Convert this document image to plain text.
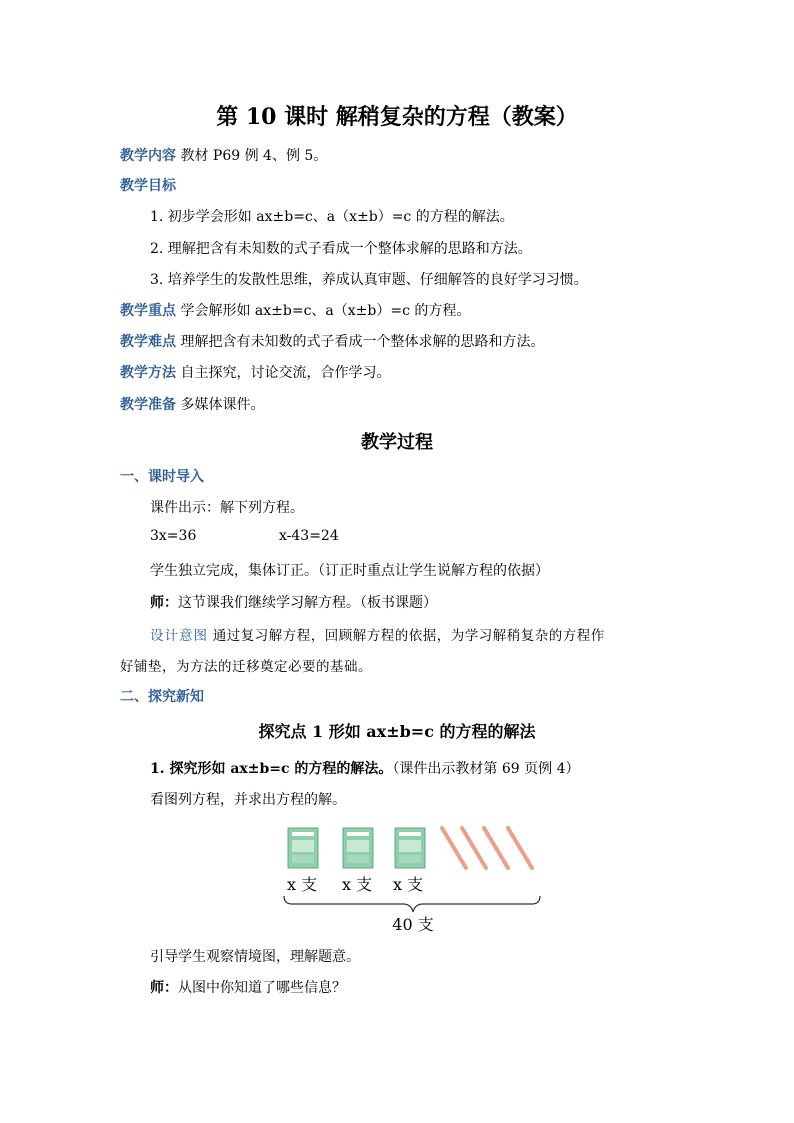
第 10 课时 解稍复杂的方程（教案）
教学内容 教材 P69 例 4、例 5。
教学目标
1. 初步学会形如 ax±b=c、a（x±b）=c 的方程的解法。
2. 理解把含有未知数的式子看成一个整体求解的思路和方法。
3. 培养学生的发散性思维，养成认真审题、仔细解答的良好学习习惯。
教学重点 学会解形如 ax±b=c、a（x±b）=c 的方程。
教学难点 理解把含有未知数的式子看成一个整体求解的思路和方法。
教学方法 自主探究，讨论交流，合作学习。
教学准备 多媒体课件。
教学过程
一、课时导入
课件出示：解下列方程。
3x=36	x-43=24
学生独立完成，集体订正。（订正时重点让学生说解方程的依据）
师：这节课我们继续学习解方程。（板书课题）
设计意图 通过复习解方程，回顾解方程的依据，为学习解稍复杂的方程作
好铺垫，为方法的迁移奠定必要的基础。
二、探究新知
探究点 1 形如 ax±b=c 的方程的解法
1. 探究形如 ax±b=c 的方程的解法。（课件出示教材第 69 页例 4）
看图列方程，并求出方程的解。
x 支 x 支 x 支
40 支
引导学生观察情境图，理解题意。
师：从图中你知道了哪些信息？
